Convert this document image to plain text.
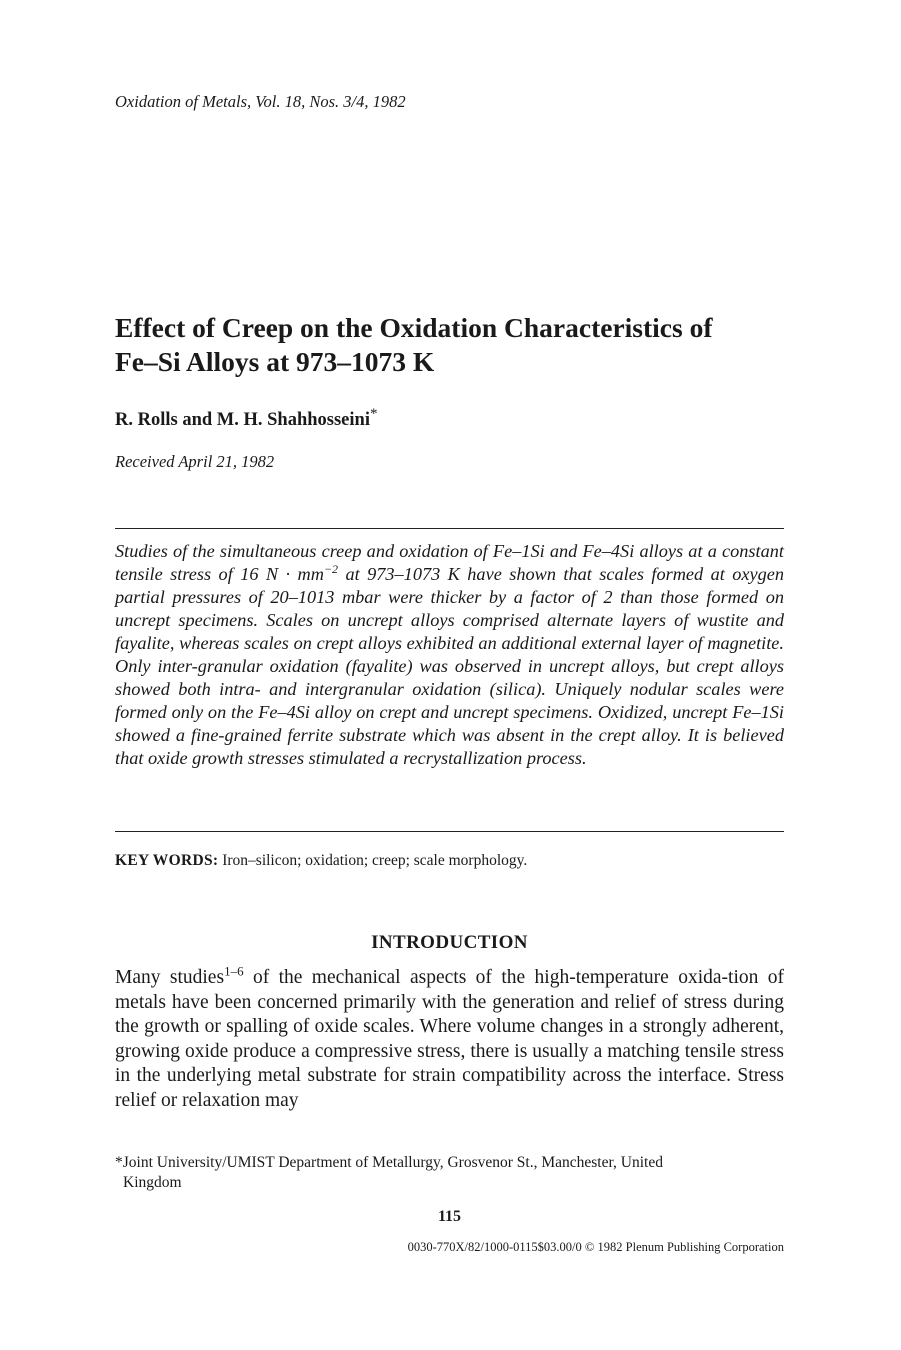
Oxidation of Metals, Vol. 18, Nos. 3/4, 1982
Effect of Creep on the Oxidation Characteristics of
Fe–Si Alloys at 973–1073 K
R. Rolls and M. H. Shahhosseini*
Received April 21, 1982
Studies of the simultaneous creep and oxidation of Fe–1Si and Fe–4Si alloys at a constant tensile stress of 16 $N \cdot mm^{-2}$ at 973–1073 K have shown that scales formed at oxygen partial pressures of 20–1013 mbar were thicker by a factor of 2 than those formed on uncrept specimens. Scales on uncrept alloys comprised alternate layers of wustite and fayalite, whereas scales on crept alloys exhibited an additional external layer of magnetite. Only inter-granular oxidation (fayalite) was observed in uncrept alloys, but crept alloys showed both intra- and intergranular oxidation (silica). Uniquely nodular scales were formed only on the Fe–4Si alloy on crept and uncrept specimens. Oxidized, uncrept Fe–1Si showed a fine-grained ferrite substrate which was absent in the crept alloy. It is believed that oxide growth stresses stimulated a recrystallization process.
KEY WORDS: Iron–silicon; oxidation; creep; scale morphology.
INTRODUCTION
Many studies$^{1-6}$ of the mechanical aspects of the high-temperature oxida-tion of metals have been concerned primarily with the generation and relief of stress during the growth or spalling of oxide scales. Where volume changes in a strongly adherent, growing oxide produce a compressive stress, there is usually a matching tensile stress in the underlying metal substrate for strain compatibility across the interface. Stress relief or relaxation may
*Joint University/UMIST Department of Metallurgy, Grosvenor St., Manchester, United
Kingdom
115
0030-770X/82/1000-0115$03.00/0 © 1982 Plenum Publishing Corporation
